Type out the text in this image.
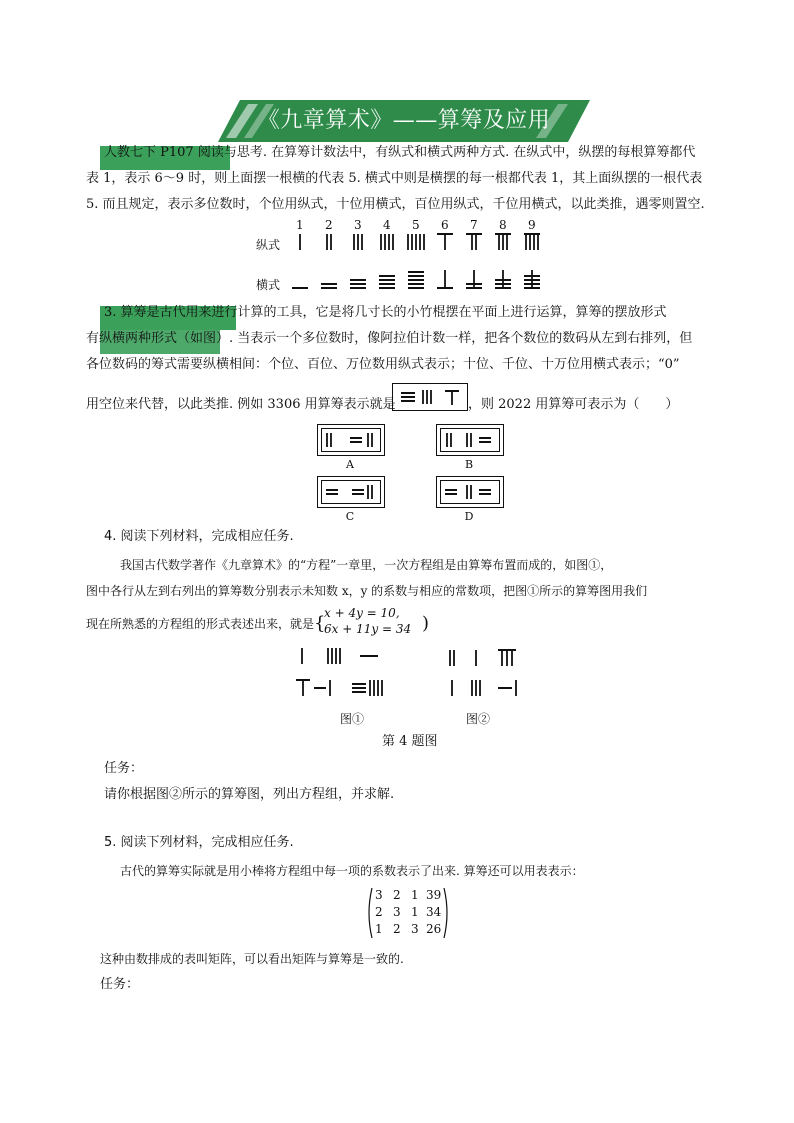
《九章算术》——算筹及应用
人教七下 P107 阅读与思考. 在算筹计数法中，有纵式和横式两种方式. 在纵式中，纵摆的每根算筹都代
表 1，表示 6～9 时，则上面摆一根横的代表 5. 横式中则是横摆的每一根都代表 1，其上面纵摆的一根代表
5. 而且规定，表示多位数时，个位用纵式，十位用横式，百位用纵式，千位用横式，以此类推，遇零则置空.
1 2 3 4 5 6 7 8 9
纵式
横式
3. 算筹是古代用来进行计算的工具，它是将几寸长的小竹棍摆在平面上进行运算，算筹的摆放形式
有纵横两种形式（如图）. 当表示一个多位数时，像阿拉伯计数一样，把各个数位的数码从左到右排列，但
各位数码的筹式需要纵横相间：个位、百位、万位数用纵式表示；十位、千位、十万位用横式表示；“0”
用空位来代替，以此类推. 例如 3306 用算筹表示就是	，则 2022 用算筹可表示为（　　）
A	B
C	D
4. 阅读下列材料，完成相应任务.
我国古代数学著作《九章算术》的“方程”一章里，一次方程组是由算筹布置而成的，如图①，
图中各行从左到右列出的算筹数分别表示未知数 x，y 的系数与相应的常数项，把图①所示的算筹图用我们
现在所熟悉的方程组的形式表述出来，就是 {
x + 4y = 10,
6x + 11y = 34 )
图①	图②
第 4 题图
任务：
请你根据图②所示的算筹图，列出方程组，并求解.
5. 阅读下列材料，完成相应任务.
古代的算筹实际就是用小棒将方程组中每一项的系数表示了出来. 算筹还可以用表表示：
3 2 1 39
2 3 1 34
1 2 3 26
这种由数排成的表叫矩阵，可以看出矩阵与算筹是一致的.
任务：
